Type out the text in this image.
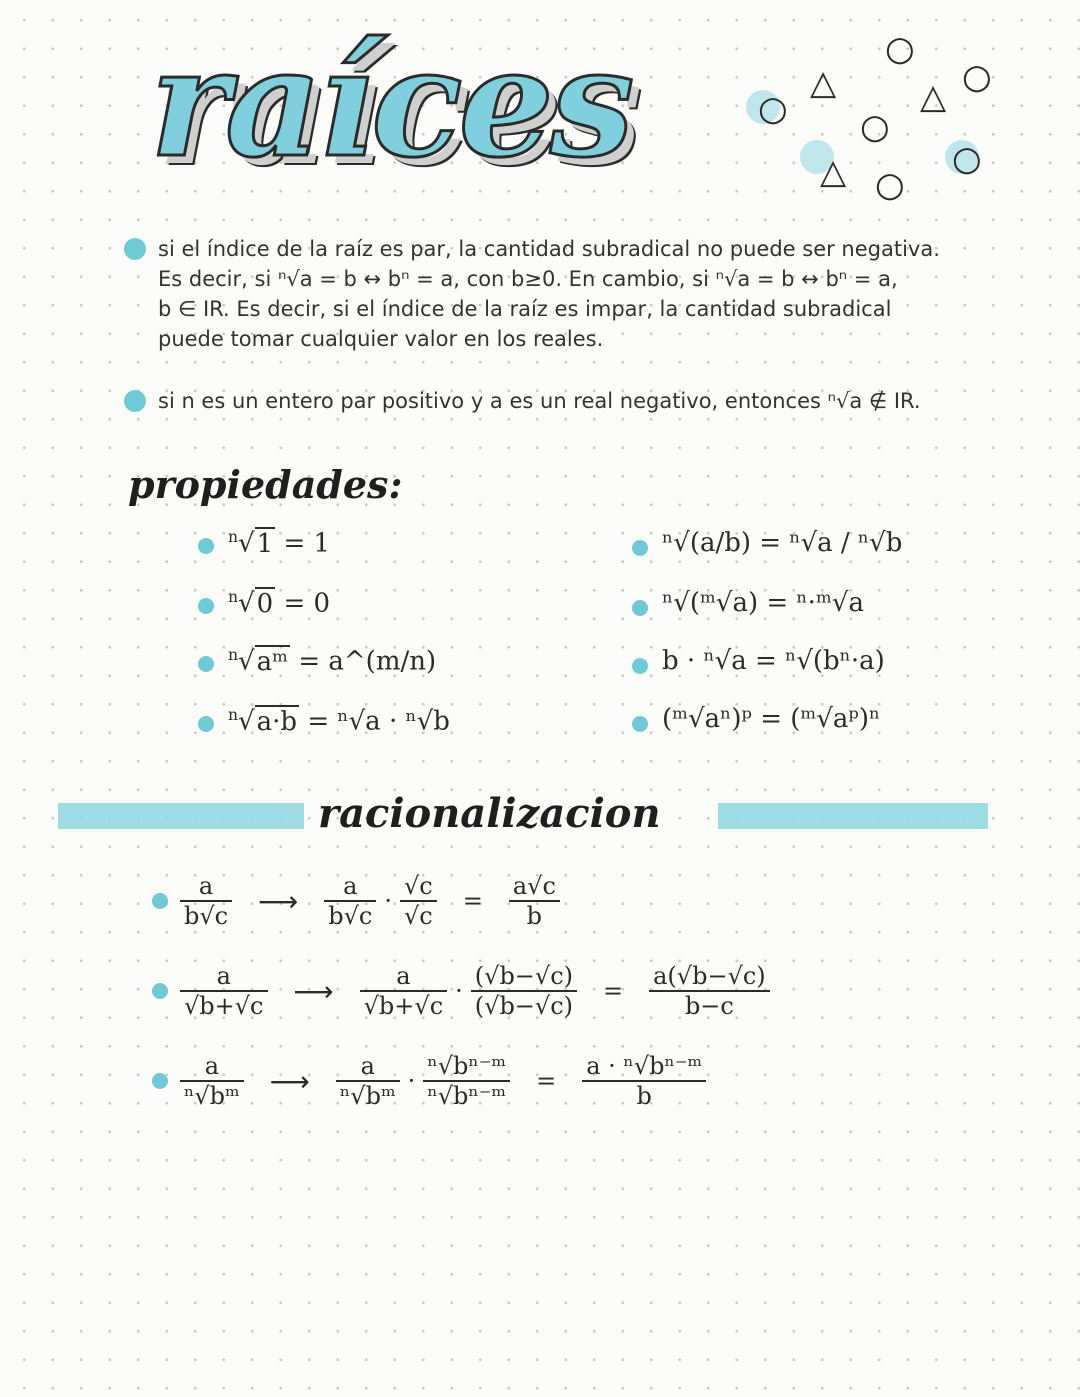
raíces	○
△
○
○
△ ○
△ ○
○
si el índice de la raíz es par, la cantidad subradical no puede ser negativa.
Es decir, si ⁿ√a = b ↔ bⁿ = a, con b≥0. En cambio, si ⁿ√a = b ↔ bⁿ = a,
b ∈ IR. Es decir, si el índice de la raíz es impar, la cantidad subradical
puede tomar cualquier valor en los reales.
si n es un entero par positivo y a es un real negativo, entonces ⁿ√a ∉ IR.
propiedades:
$^n$√1 = 1
$^n$√0 = 0
$^n$√aᵐ = a^(m/n)
$^n$√a·b = ⁿ√a · ⁿ√b
ⁿ√(a/b) = ⁿ√a / ⁿ√b
ⁿ√(ᵐ√a) = ⁿ·ᵐ√a
b · ⁿ√a = ⁿ√(bⁿ·a)
(ᵐ√aⁿ)ᵖ = (ᵐ√aᵖ)ⁿ
racionalizacion
$\frac{a}{b√c}$ ⟶ $\frac{a}{b√c} \cdot \frac{√c}{√c} = \frac{a√c}{b}$
$\frac{a}{√b+√c}$ ⟶ $\frac{a}{√b+√c} \cdot \frac{(√b-√c)}{(√b-√c)} = \frac{a(√b-√c)}{b-c}$
$\frac{a}{\text{ⁿ√bᵐ}}$ ⟶ $\frac{a}{\text{ⁿ√bᵐ}} \cdot \frac{\text{ⁿ√bⁿ⁻ᵐ}}{\text{ⁿ√bⁿ⁻ᵐ}} = \frac{\text{a · ⁿ√bⁿ⁻ᵐ}}{b}$
